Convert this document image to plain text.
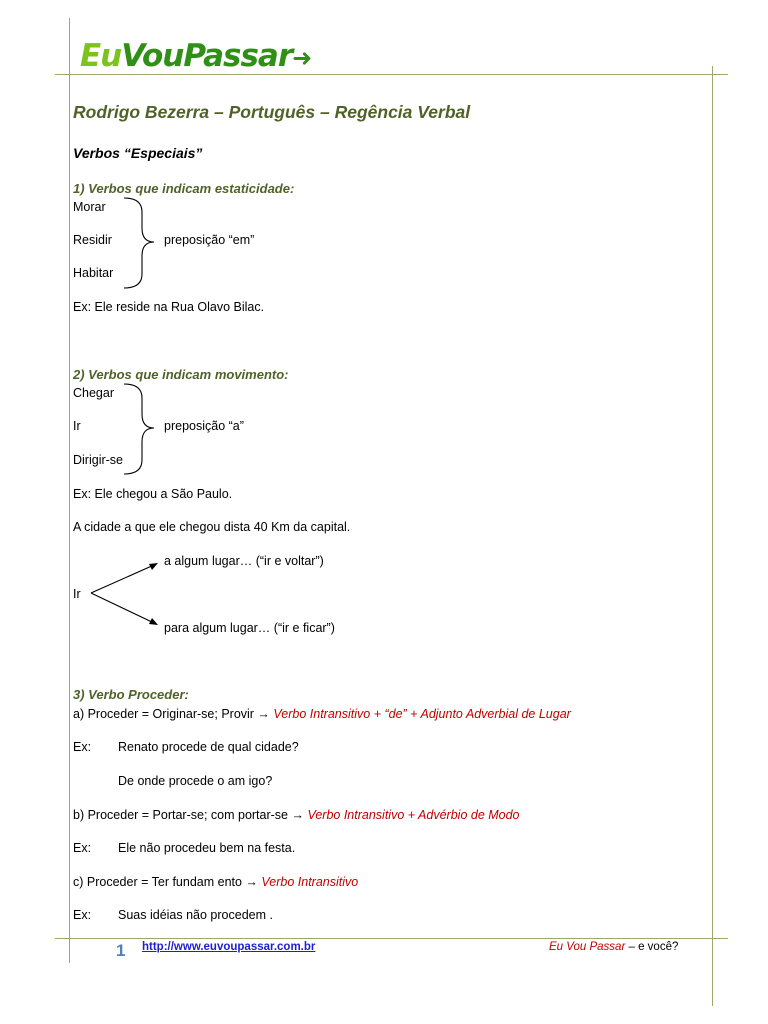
EuVouPassar➜
Rodrigo Bezerra – Português – Regência Verbal
Verbos “Especiais”
1) Verbos que indicam estaticidade:
Morar
Residir
Habitar
preposição “em”
Ex: Ele reside na Rua Olavo Bilac.
2) Verbos que indicam movimento:
Chegar
Ir
Dirigir-se
preposição “a”
Ex: Ele chegou a São Paulo.
A cidade a que ele chegou dista 40 Km da capital.
a algum lugar… (“ir e voltar”)
Ir
para algum lugar… (“ir e ficar”)
3) Verbo Proceder:
a) Proceder = Originar-se; Provir → Verbo Intransitivo + “de” + Adjunto Adverbial de Lugar
Ex: Renato procede de qual cidade?
De onde procede o am igo?
b) Proceder = Portar-se; com portar-se → Verbo Intransitivo + Advérbio de Modo
Ex: Ele não procedeu bem na festa.
c) Proceder = Ter fundam ento → Verbo Intransitivo
Ex: Suas idéias não procedem .
1 http://www.euvoupassar.com.br	Eu Vou Passar – e você?
